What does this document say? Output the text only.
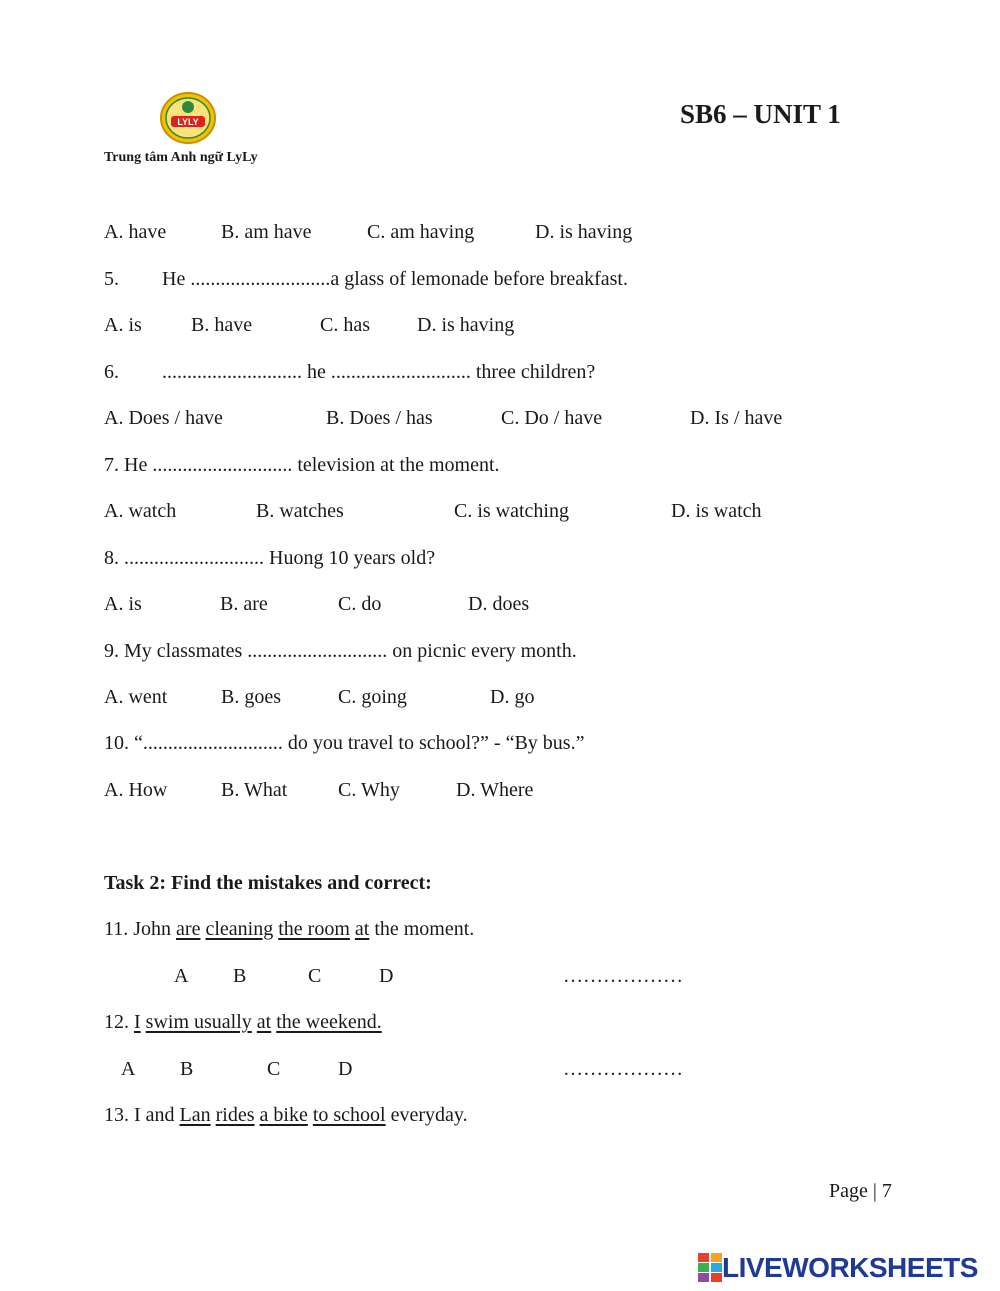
LYLY
Trung tâm Anh ngữ LyLy
SB6 – UNIT 1
A. have	B. am have	C. am having	D. is having
5. He ............................a glass of lemonade before breakfast.
A. is B. have	C. has D. is having
6. ............................ he ............................ three children?
A. Does / have	B. Does / has	C. Do / have	D. Is / have
7. He ............................ television at the moment.
A. watch	B. watches	C. is watching	D. is watch
8. ............................ Huong 10 years old?
A. is	B. are	C. do	D. does
9. My classmates ............................ on picnic every month.
A. went	B. goes	C. going	D. go
10. “............................ do you travel to school?” - “By bus.”
A. How	B. What	C. Why	D. Where
Task 2: Find the mistakes and correct:
11. John are cleaning the room at the moment.
A B	C	D	………………
12. I swim usually at the weekend.
A B	C	D	………………
13. I and Lan rides a bike to school everyday.
Page | 7
LIVEWORKSHEETS
